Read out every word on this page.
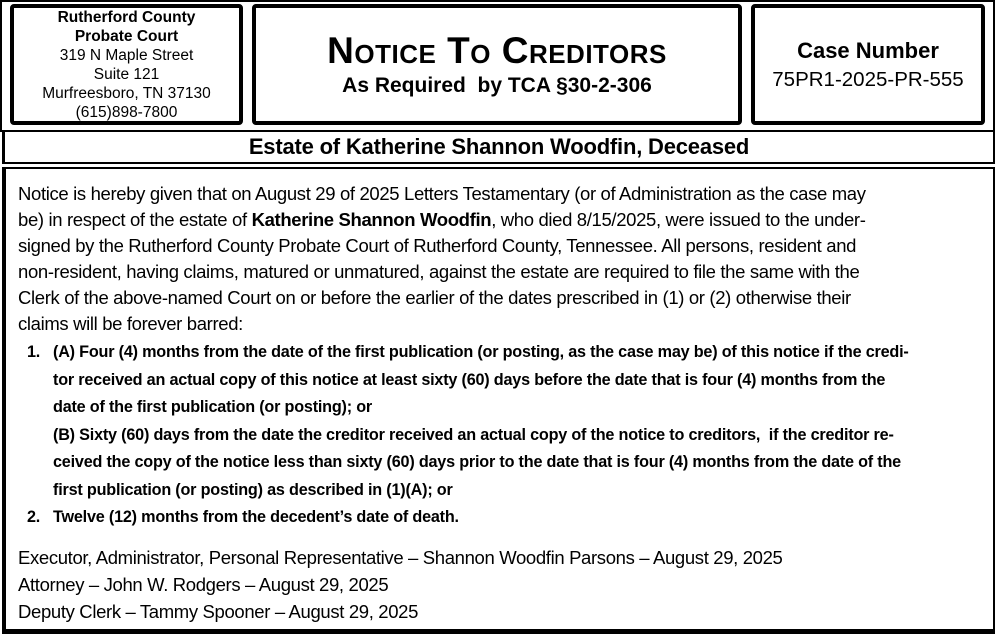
Rutherford County
Probate Court
319 N Maple Street
Suite 121
Murfreesboro, TN 37130
(615)898-7800
Notice To Creditors
As Required  by TCA §30-2-306
Case Number
75PR1-2025-PR-555
Estate of Katherine Shannon Woodfin, Deceased
Notice is hereby given that on August 29 of 2025 Letters Testamentary (or of Administration as the case may
be) in respect of the estate of Katherine Shannon Woodfin, who died 8/15/2025, were issued to the under-
signed by the Rutherford County Probate Court of Rutherford County, Tennessee. All persons, resident and
non-resident, having claims, matured or unmatured, against the estate are required to file the same with the
Clerk of the above-named Court on or before the earlier of the dates prescribed in (1) or (2) otherwise their
claims will be forever barred:
1. (A) Four (4) months from the date of the first publication (or posting, as the case may be) of this notice if the credi-
tor received an actual copy of this notice at least sixty (60) days before the date that is four (4) months from the
date of the first publication (or posting); or
(B) Sixty (60) days from the date the creditor received an actual copy of the notice to creditors,  if the creditor re-
ceived the copy of the notice less than sixty (60) days prior to the date that is four (4) months from the date of the
first publication (or posting) as described in (1)(A); or
2. Twelve (12) months from the decedent’s date of death.
Executor, Administrator, Personal Representative – Shannon Woodfin Parsons – August 29, 2025
Attorney – John W. Rodgers – August 29, 2025
Deputy Clerk – Tammy Spooner – August 29, 2025
